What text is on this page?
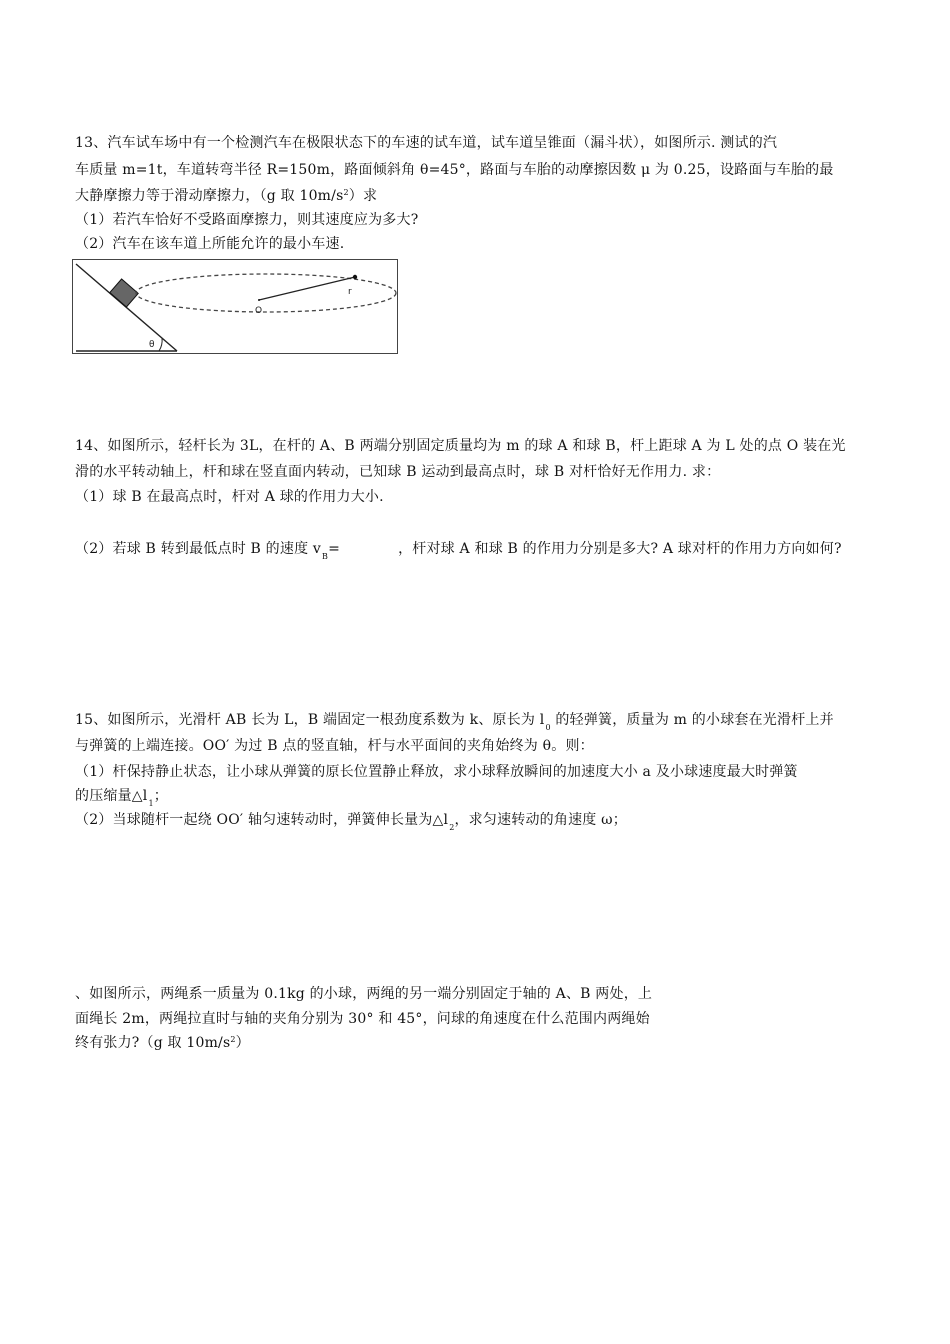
13、汽车试车场中有一个检测汽车在极限状态下的车速的试车道，试车道呈锥面（漏斗状），如图所示. 测试的汽
车质量 m=1t，车道转弯半径 R=150m，路面倾斜角 θ=45°，路面与车胎的动摩擦因数 μ 为 0.25，设路面与车胎的最
大静摩擦力等于滑动摩擦力，（g 取 $10m/s^2$）求
（1）若汽车恰好不受路面摩擦力，则其速度应为多大?
（2）汽车在该车道上所能允许的最小车速.
O
r
θ
14、如图所示，轻杆长为 3L，在杆的 A、B 两端分别固定质量均为 m 的球 A 和球 B，杆上距球 A 为 L 处的点 O 装在光
滑的水平转动轴上，杆和球在竖直面内转动，已知球 B 运动到最高点时，球 B 对杆恰好无作用力. 求：
（1）球 B 在最高点时，杆对 A 球的作用力大小.
（2）若球 B 转到最低点时 B 的速度 $v_B=$	，杆对球 A 和球 B 的作用力分别是多大? A 球对杆的作用力方向如何?
15、如图所示，光滑杆 AB 长为 L，B 端固定一根劲度系数为 k、原长为 $l_0$ 的轻弹簧，质量为 m 的小球套在光滑杆上并
与弹簧的上端连接。OO′ 为过 B 点的竖直轴，杆与水平面间的夹角始终为 θ。则：
（1）杆保持静止状态，让小球从弹簧的原长位置静止释放，求小球释放瞬间的加速度大小 a 及小球速度最大时弹簧
的压缩量$\triangle l_1$；
（2）当球随杆一起绕 OO′ 轴匀速转动时，弹簧伸长量为$\triangle l_2$，求匀速转动的角速度 ω；
、如图所示，两绳系一质量为 0.1kg 的小球，两绳的另一端分别固定于轴的 A、B 两处，上
面绳长 2m，两绳拉直时与轴的夹角分别为 30° 和 45°，问球的角速度在什么范围内两绳始
终有张力?（g 取 $10m/s^2$）
